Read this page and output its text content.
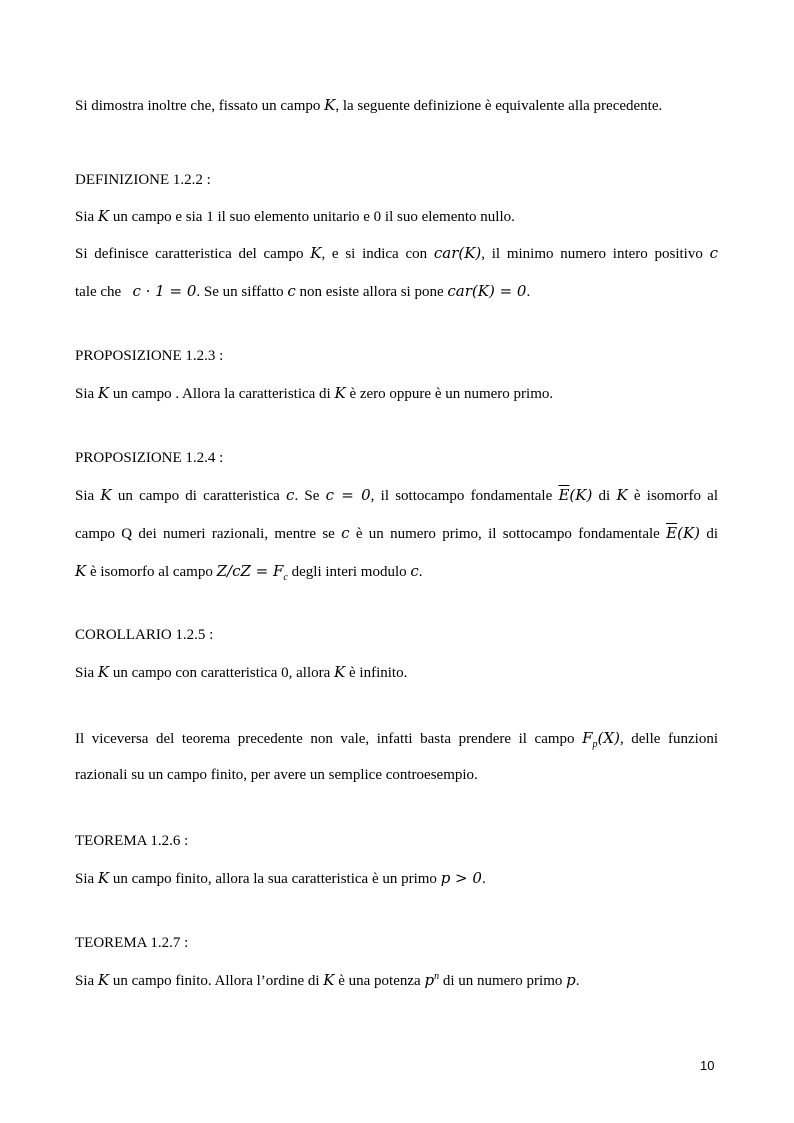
Si dimostra inoltre che, fissato un campo K, la seguente definizione è equivalente alla precedente.
DEFINIZIONE 1.2.2 :
Sia K un campo e sia 1 il suo elemento unitario e 0 il suo elemento nullo.
Si definisce caratteristica del campo K, e si indica con car(K), il minimo numero intero positivo c
tale che   c · 1 = 0. Se un siffatto c non esiste allora si pone car(K) = 0.
PROPOSIZIONE 1.2.3 :
Sia K un campo . Allora la caratteristica di K è zero oppure è un numero primo.
PROPOSIZIONE 1.2.4 :
Sia K un campo di caratteristica c. Se c = 0, il sottocampo fondamentale $\overline{E}(K)$ di K è isomorfo al
campo Q dei numeri razionali, mentre se c è un numero primo, il sottocampo fondamentale $\overline{E}(K)$ di
K è isomorfo al campo $Z/cZ = F_c$ degli interi modulo c.
COROLLARIO 1.2.5 :
Sia K un campo con caratteristica 0, allora K è infinito.
Il viceversa del teorema precedente non vale, infatti basta prendere il campo $F_p(X)$, delle funzioni
razionali su un campo finito, per avere un semplice controesempio.
TEOREMA 1.2.6 :
Sia K un campo finito, allora la sua caratteristica è un primo p > 0.
TEOREMA 1.2.7 :
Sia K un campo finito. Allora l’ordine di K è una potenza $p^n$ di un numero primo p.
10
